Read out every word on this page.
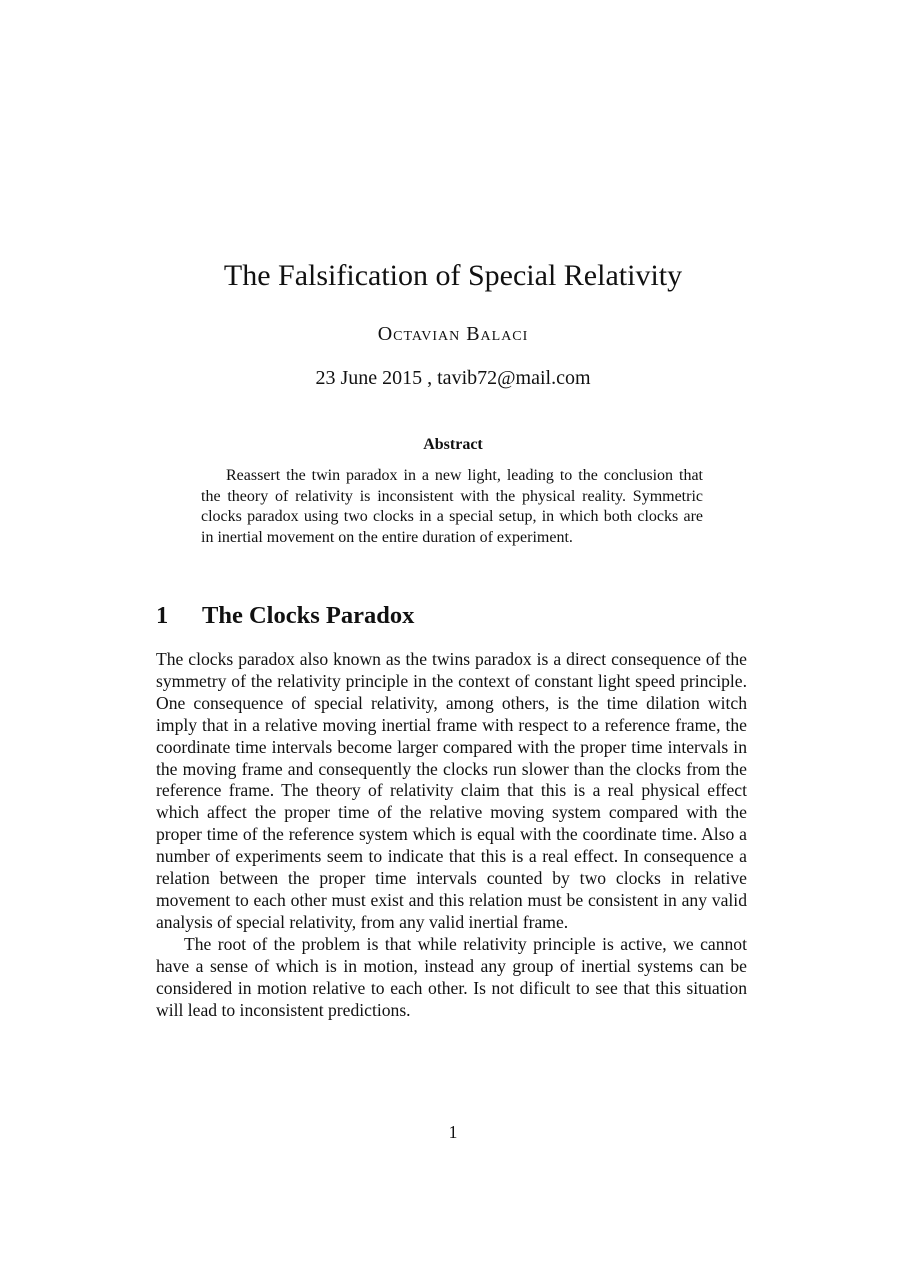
The Falsification of Special Relativity
Octavian Balaci
23 June 2015 , tavib72@mail.com
Abstract

Reassert the twin paradox in a new light, leading to the conclusion that the theory of relativity is inconsistent with the physical reality. Symmetric clocks paradox using two clocks in a special setup, in which both clocks are in inertial movement on the entire duration of experiment.

1 The Clocks Paradox

The clocks paradox also known as the twins paradox is a direct consequence of the symmetry of the relativity principle in the context of constant light speed principle. One consequence of special relativity, among others, is the time dilation witch imply that in a relative moving inertial frame with respect to a reference frame, the coordinate time intervals become larger compared with the proper time intervals in the moving frame and consequently the clocks run slower than the clocks from the reference frame. The theory of relativity claim that this is a real physical effect which affect the proper time of the relative moving system compared with the proper time of the reference system which is equal with the coordinate time. Also a number of experiments seem to indicate that this is a real effect. In consequence a relation between the proper time intervals counted by two clocks in relative movement to each other must exist and this relation must be consistent in any valid analysis of special relativity, from any valid inertial frame.

The root of the problem is that while relativity principle is active, we cannot have a sense of which is in motion, instead any group of inertial systems can be considered in motion relative to each other. Is not dificult to see that this situation will lead to inconsistent predictions.

1
